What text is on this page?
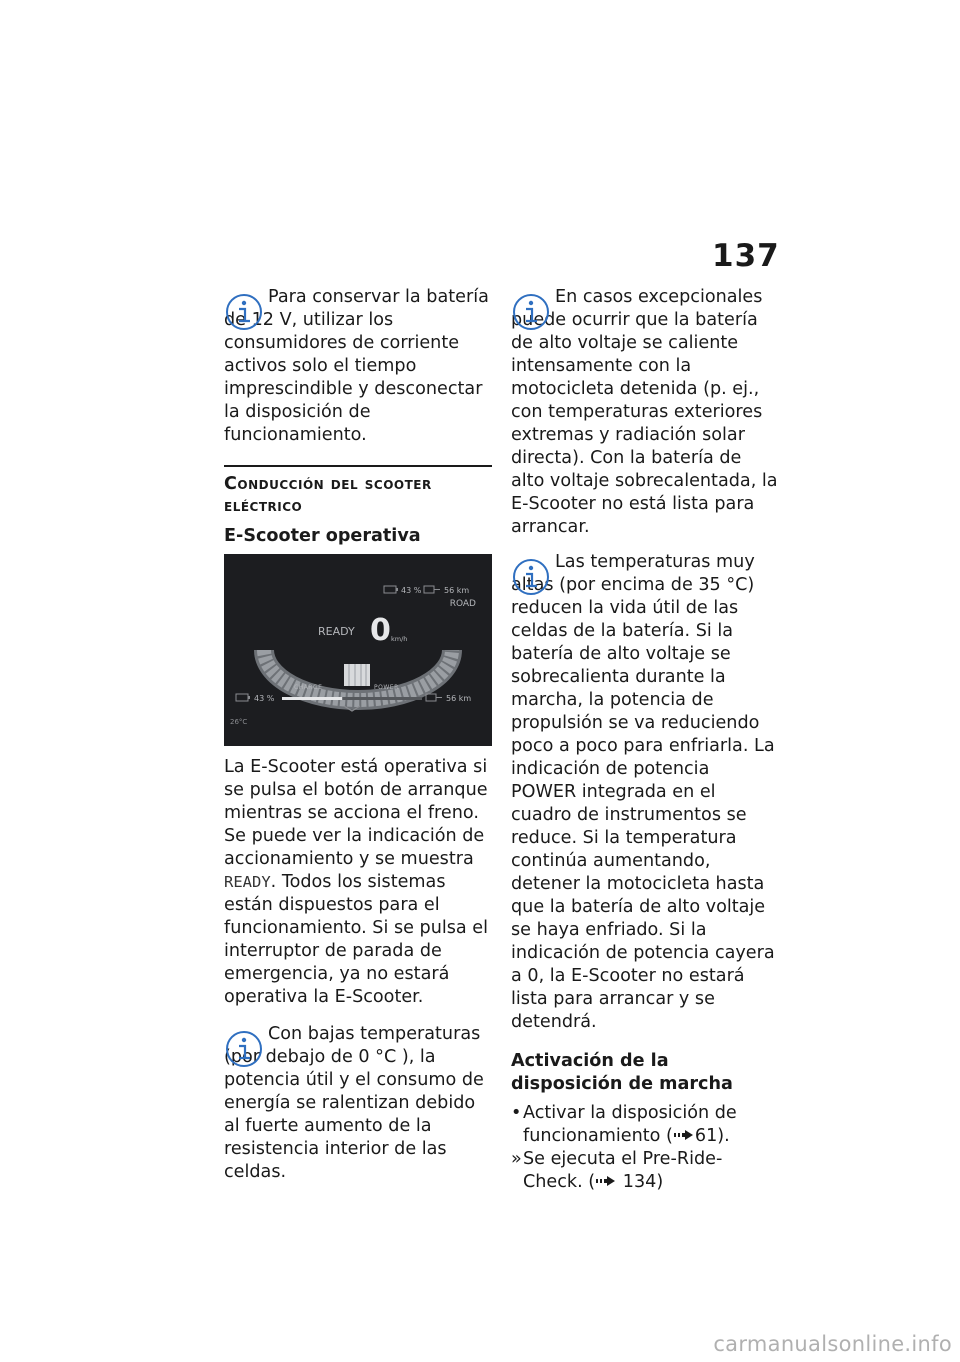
137

Para conservar la batería de 12 V, utilizar los consumidores de corriente activos solo el tiempo imprescindible y desconectar la disposición de funcionamiento.

Conducción del scooter eléctrico
E-Scooter operativa
43 %	56 km
ROAD
READY 0 km/h
CHARGE	POWER
43 %	56 km
26°C

La E-Scooter está operativa si se pulsa el botón de arranque mientras se acciona el freno. Se puede ver la indicación de accionamiento y se muestra READY. Todos los sistemas están dispuestos para el funcionamiento. Si se pulsa el interruptor de parada de emergencia, ya no estará operativa la E-Scooter.

Con bajas temperaturas (por debajo de 0 °C ), la potencia útil y el consumo de energía se ralentizan debido al fuerte aumento de la resistencia interior de las celdas.

En casos excepcionales puede ocurrir que la batería de alto voltaje se caliente intensamente con la motocicleta detenida (p. ej., con temperaturas exteriores extremas y radiación solar directa). Con la batería de alto voltaje sobrecalentada, la E-Scooter no está lista para arrancar.

Las temperaturas muy altas (por encima de 35 °C) reducen la vida útil de las celdas de la batería. Si la batería de alto voltaje se sobrecalienta durante la marcha, la potencia de propulsión se va reduciendo poco a poco para enfriarla. La indicación de potencia POWER integrada en el cuadro de instrumentos se reduce. Si la temperatura continúa aumentando, detener la motocicleta hasta que la batería de alto voltaje se haya enfriado. Si la indicación de potencia cayera a 0, la E-Scooter no estará lista para arrancar y se detendrá.

Activación de la disposición de marcha
• Activar la disposición de funcionamiento ( 61).
» Se ejecuta el Pre-Ride-Check. ( 134)
carmanualsonline.info
